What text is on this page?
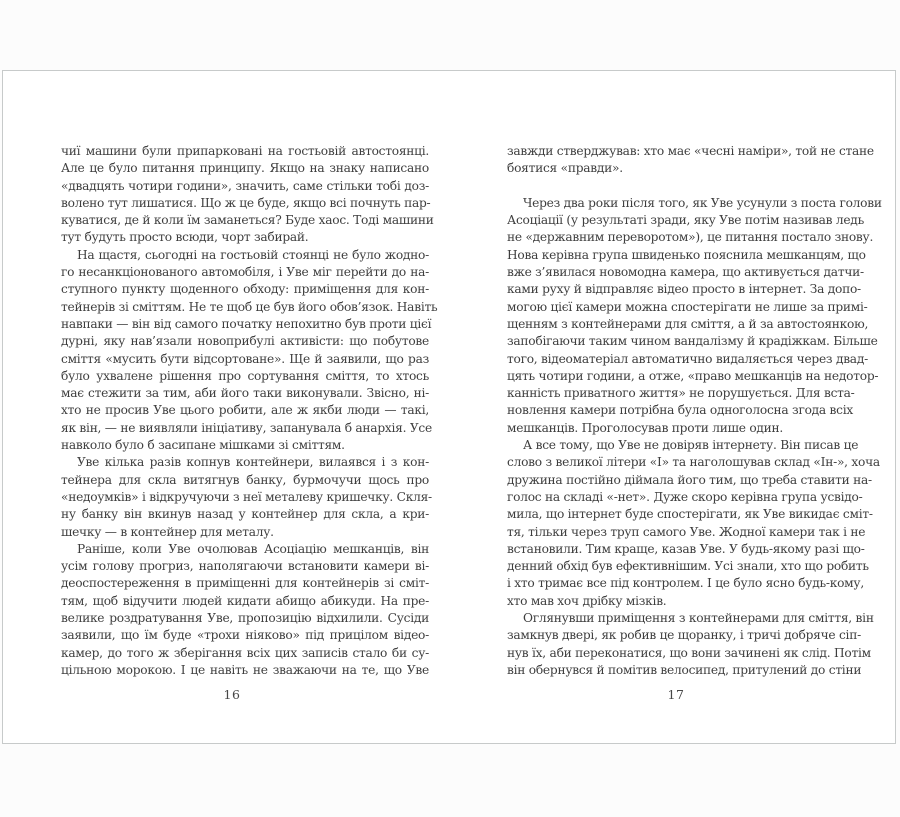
чиї машини були припарковані на гостьовій автостоянці.
Але це було питання принципу. Якщо на знаку написано
«двадцять чотири години», значить, саме стільки тобі доз-
волено тут лишатися. Що ж це буде, якщо всі почнуть пар-
куватися, де й коли їм заманеться? Буде хаос. Тоді машини
тут будуть просто всюди, чорт забирай.
На щастя, сьогодні на гостьовій стоянці не було жодно-
го несанкціонованого автомобіля, і Уве міг перейти до на-
ступного пункту щоденного обходу: приміщення для кон-
тейнерів зі сміттям. Не те щоб це був його обов’язок. Навіть
навпаки — він від самого початку непохитно був проти цієї
дурні, яку нав’язали новоприбулі активісти: що побутове
сміття «мусить бути відсортоване». Ще й заявили, що раз
було ухвалене рішення про сортування сміття, то хтось
має стежити за тим, аби його таки виконували. Звісно, ні-
хто не просив Уве цього робити, але ж якби люди — такі,
як він, — не виявляли ініціативу, запанувала б анархія. Усе
навколо було б засипане мішками зі сміттям.
Уве кілька разів копнув контейнери, вилаявся і з кон-
тейнера для скла витягнув банку, бурмочучи щось про
«недоумків» і відкручуючи з неї металеву кришечку. Скля-
ну банку він вкинув назад у контейнер для скла, а кри-
шечку — в контейнер для металу.
Раніше, коли Уве очолював Асоціацію мешканців, він
усім голову прогриз, наполягаючи встановити камери ві-
деоспостереження в приміщенні для контейнерів зі сміт-
тям, щоб відучити людей кидати абищо абикуди. На пре-
велике роздратування Уве, пропозицію відхилили. Сусіди
заявили, що їм буде «трохи ніяково» під прицілом відео-
камер, до того ж зберігання всіх цих записів стало би су-
цільною морокою. І це навіть не зважаючи на те, що Уве
завжди стверджував: хто має «чесні наміри», той не стане
боятися «правди».
Через два роки після того, як Уве усунули з поста голови
Асоціації (у результаті зради, яку Уве потім називав ледь
не «державним переворотом»), це питання постало знову.
Нова керівна група швиденько пояснила мешканцям, що
вже з’явилася новомодна камера, що активується датчи-
ками руху й відправляє відео просто в інтернет. За допо-
могою цієї камери можна спостерігати не лише за примі-
щенням з контейнерами для сміття, а й за автостоянкою,
запобігаючи таким чином вандалізму й крадіжкам. Більше
того, відеоматеріал автоматично видаляється через двад-
цять чотири години, а отже, «право мешканців на недотор-
канність приватного життя» не порушується. Для вста-
новлення камери потрібна була одноголосна згода всіх
мешканців. Проголосував проти лише один.
А все тому, що Уве не довіряв інтернету. Він писав це
слово з великої літери «І» та наголошував склад «Ін-», хоча
дружина постійно діймала його тим, що треба ставити на-
голос на складі «-нет». Дуже скоро керівна група усвідо-
мила, що інтернет буде спостерігати, як Уве викидає сміт-
тя, тільки через труп самого Уве. Жодної камери так і не
встановили. Тим краще, казав Уве. У будь-якому разі що-
денний обхід був ефективнішим. Усі знали, хто що робить
і хто тримає все під контролем. І це було ясно будь-кому,
хто мав хоч дрібку мізків.
Оглянувши приміщення з контейнерами для сміття, він
замкнув двері, як робив це щоранку, і тричі добряче сіп-
нув їх, аби переконатися, що вони зачинені як слід. Потім
він обернувся й помітив велосипед, притулений до стіни
16	17
